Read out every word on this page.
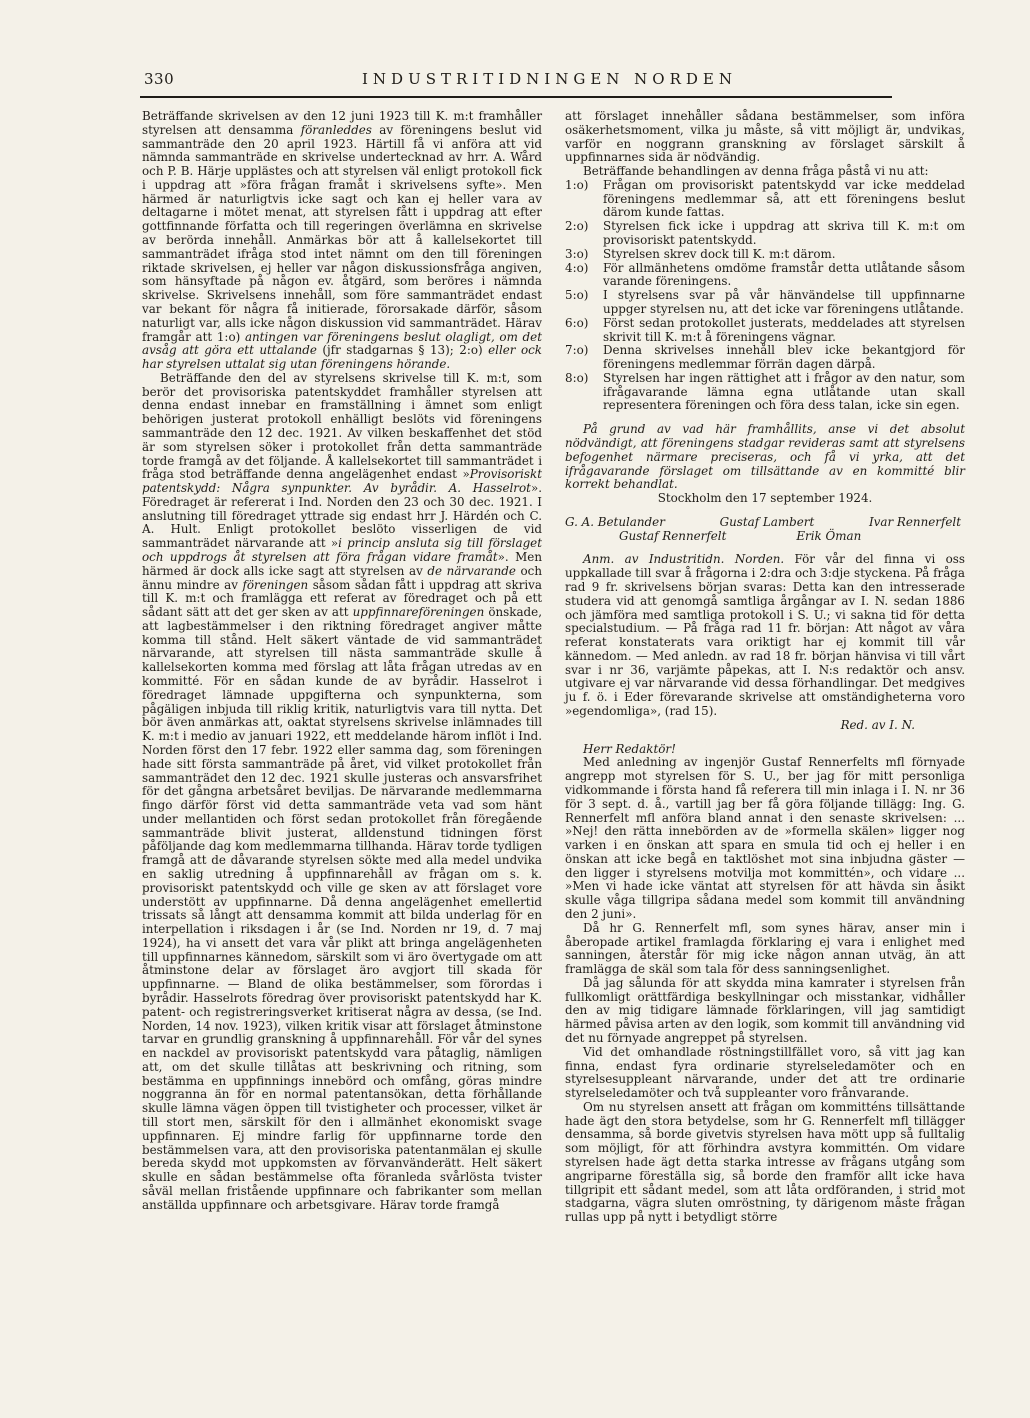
330	INDUSTRITIDNINGEN NORDEN

Beträffande skrivelsen av den 12 juni 1923 till K. m:t framhåller styrelsen att densamma föranleddes av föreningens beslut vid sammanträde den 20 april 1923. Härtill få vi anföra att vid nämnda sammanträde en skrivelse undertecknad av hrr. A. Wård och P. B. Härje upplästes och att styrelsen väl enligt protokoll fick i uppdrag att »föra frågan framåt i skrivelsens syfte». Men härmed är naturligtvis icke sagt och kan ej heller vara av deltagarne i mötet menat, att styrelsen fått i uppdrag att efter gottfinnande författa och till regeringen överlämna en skrivelse av berörda innehåll. Anmärkas bör att å kallelsekortet till sammanträdet ifråga stod intet nämnt om den till föreningen riktade skrivelsen, ej heller var någon diskussionsfråga angiven, som hänsyftade på någon ev. åtgärd, som beröres i nämnda skrivelse. Skrivelsens innehåll, som före sammanträdet endast var bekant för några få initierade, förorsakade därför, såsom naturligt var, alls icke någon diskussion vid sammanträdet. Härav framgår att 1:o) antingen var föreningens beslut olagligt, om det avsåg att göra ett uttalande (jfr stadgarnas § 13); 2:o) eller ock har styrelsen uttalat sig utan föreningens hörande.

Beträffande den del av styrelsens skrivelse till K. m:t, som berör det provisoriska patentskyddet framhåller styrelsen att denna endast innebar en framställning i ämnet som enligt behörigen justerat protokoll enhälligt beslöts vid föreningens sammanträde den 12 dec. 1921. Av vilken beskaffenhet det stöd är som styrelsen söker i protokollet från detta sammanträde torde framgå av det följande. Å kallelsekortet till sammanträdet i fråga stod beträffande denna angelägenhet endast »Provisoriskt patentskydd: Några synpunkter. Av byrådir. A. Hasselrot». Föredraget är refererat i Ind. Norden den 23 och 30 dec. 1921. I anslutning till föredraget yttrade sig endast hrr J. Härdén och C. A. Hult. Enligt protokollet beslöto visserligen de vid sammanträdet närvarande att »i princip ansluta sig till förslaget och uppdrogs åt styrelsen att föra frågan vidare framåt». Men härmed är dock alls icke sagt att styrelsen av de närvarande och ännu mindre av föreningen såsom sådan fått i uppdrag att skriva till K. m:t och framlägga ett referat av föredraget och på ett sådant sätt att det ger sken av att uppfinnareföreningen önskade, att lagbestämmelser i den riktning föredraget angiver måtte komma till stånd. Helt säkert väntade de vid sammanträdet närvarande, att styrelsen till nästa sammanträde skulle å kallelsekorten komma med förslag att låta frågan utredas av en kommitté. För en sådan kunde de av byrådir. Hasselrot i föredraget lämnade uppgifterna och synpunkterna, som pågäligen inbjuda till riklig kritik, naturligtvis vara till nytta. Det bör även anmärkas att, oaktat styrelsens skrivelse inlämnades till K. m:t i medio av januari 1922, ett meddelande härom inflöt i Ind. Norden först den 17 febr. 1922 eller samma dag, som föreningen hade sitt första sammanträde på året, vid vilket protokollet från sammanträdet den 12 dec. 1921 skulle justeras och ansvarsfrihet för det gångna arbetsåret beviljas. De närvarande medlemmarna fingo därför först vid detta sammanträde veta vad som hänt under mellantiden och först sedan protokollet från föregående sammanträde blivit justerat, alldenstund tidningen först påföljande dag kom medlemmarna tillhanda. Härav torde tydligen framgå att de dåvarande styrelsen sökte med alla medel undvika en saklig utredning å uppfinnarehåll av frågan om s. k. provisoriskt patentskydd och ville ge sken av att förslaget vore understött av uppfinnarne. Då denna angelägenhet emellertid trissats så långt att densamma kommit att bilda underlag för en interpellation i riksdagen i år (se Ind. Norden nr 19, d. 7 maj 1924), ha vi ansett det vara vår plikt att bringa angelägenheten till uppfinnarnes kännedom, särskilt som vi äro övertygade om att åtminstone delar av förslaget äro avgjort till skada för uppfinnarne. — Bland de olika bestämmelser, som förordas i byrådir. Hasselrots föredrag över provisoriskt patentskydd har K. patent- och registreringsverket kritiserat några av dessa, (se Ind. Norden, 14 nov. 1923), vilken kritik visar att förslaget åtminstone tarvar en grundlig granskning å uppfinnarehåll. För vår del synes en nackdel av provisoriskt patentskydd vara påtaglig, nämligen att, om det skulle tillåtas att beskrivning och ritning, som bestämma en uppfinnings innebörd och omfång, göras mindre noggranna än för en normal patentansökan, detta förhållande skulle lämna vägen öppen till tvistigheter och processer, vilket är till stort men, särskilt för den i allmänhet ekonomiskt svage uppfinnaren. Ej mindre farlig för uppfinnarne torde den bestämmelsen vara, att den provisoriska patentanmälan ej skulle bereda skydd mot uppkomsten av förvanvänderätt. Helt säkert skulle en sådan bestämmelse ofta föranleda svårlösta tvister såväl mellan fristående uppfinnare och fabrikanter som mellan anställda uppfinnare och arbetsgivare. Härav torde framgå

att förslaget innehåller sådana bestämmelser, som införa osäkerhetsmoment, vilka ju måste, så vitt möjligt är, undvikas, varför en noggrann granskning av förslaget särskilt å uppfinnarnes sida är nödvändig.

Beträffande behandlingen av denna fråga påstå vi nu att:

1:o)	Frågan om provisoriskt patentskydd var icke meddelad föreningens medlemmar så, att ett föreningens beslut därom kunde fattas.
2:o)	Styrelsen fick icke i uppdrag att skriva till K. m:t om provisoriskt patentskydd.
3:o)	Styrelsen skrev dock till K. m:t därom.
4:o)	För allmänhetens omdöme framstår detta utlåtande såsom varande föreningens.
5:o)	I styrelsens svar på vår hänvändelse till uppfinnarne uppger styrelsen nu, att det icke var föreningens utlåtande.
6:o)	Först sedan protokollet justerats, meddelades att styrelsen skrivit till K. m:t å föreningens vägnar.
7:o)	Denna skrivelses innehåll blev icke bekantgjord för föreningens medlemmar förrän dagen därpå.
8:o)	Styrelsen har ingen rättighet att i frågor av den natur, som ifrågavarande lämna egna utlåtande utan skall representera föreningen och föra dess talan, icke sin egen.

På grund av vad här framhållits, anse vi det absolut nödvändigt, att föreningens stadgar revideras samt att styrelsens befogenhet närmare preciseras, och få vi yrka, att det ifrågavarande förslaget om tillsättande av en kommitté blir korrekt behandlat.

Stockholm den 17 september 1924.

G. A. Betulander	Gustaf Lambert	Ivar Rennerfelt
Gustaf Rennerfelt	Erik Öman

Anm. av Industritidn. Norden. För vår del finna vi oss uppkallade till svar å frågorna i 2:dra och 3:dje styckena. På fråga rad 9 fr. skrivelsens början svaras: Detta kan den intresserade studera vid att genomgå samtliga årgångar av I. N. sedan 1886 och jämföra med samtliga protokoll i S. U.; vi sakna tid för detta specialstudium. — På fråga rad 11 fr. början: Att något av våra referat konstaterats vara oriktigt har ej kommit till vår kännedom. — Med anledn. av rad 18 fr. början hänvisa vi till vårt svar i nr 36, varjämte påpekas, att I. N:s redaktör och ansv. utgivare ej var närvarande vid dessa förhandlingar. Det medgives ju f. ö. i Eder förevarande skrivelse att omständigheterna voro »egendomliga», (rad 15).

Red. av I. N.

Herr Redaktör!

Med anledning av ingenjör Gustaf Rennerfelts mfl förnyade angrepp mot styrelsen för S. U., ber jag för mitt personliga vidkommande i första hand få referera till min inlaga i I. N. nr 36 för 3 sept. d. å., vartill jag ber få göra följande tillägg: Ing. G. Rennerfelt mfl anföra bland annat i den senaste skrivelsen: ... »Nej! den rätta innebörden av de »formella skälen» ligger nog varken i en önskan att spara en smula tid och ej heller i en önskan att icke begå en taktlöshet mot sina inbjudna gäster — den ligger i styrelsens motvilja mot kommittén», och vidare ... »Men vi hade icke väntat att styrelsen för att hävda sin åsikt skulle våga tillgripa sådana medel som kommit till användning den 2 juni».

Då hr G. Rennerfelt mfl, som synes härav, anser min i åberopade artikel framlagda förklaring ej vara i enlighet med sanningen, återstår för mig icke någon annan utväg, än att framlägga de skäl som tala för dess sanningsenlighet.

Då jag sålunda för att skydda mina kamrater i styrelsen från fullkomligt orättfärdiga beskyllningar och misstankar, vidhåller den av mig tidigare lämnade förklaringen, vill jag samtidigt härmed påvisa arten av den logik, som kommit till användning vid det nu förnyade angreppet på styrelsen.

Vid det omhandlade röstningstillfället voro, så vitt jag kan finna, endast fyra ordinarie styrelseledamöter och en styrelsesuppleant närvarande, under det att tre ordinarie styrelseledamöter och två suppleanter voro frånvarande.

Om nu styrelsen ansett att frågan om kommitténs tillsättande hade ägt den stora betydelse, som hr G. Rennerfelt mfl tillägger densamma, så borde givetvis styrelsen hava mött upp så fulltalig som möjligt, för att förhindra avstyra kommittén. Om vidare styrelsen hade ägt detta starka intresse av frågans utgång som angriparne föreställa sig, så borde den framför allt icke hava tillgripit ett sådant medel, som att låta ordföranden, i strid mot stadgarna, vägra sluten omröstning, ty därigenom måste frågan rullas upp på nytt i betydligt större
